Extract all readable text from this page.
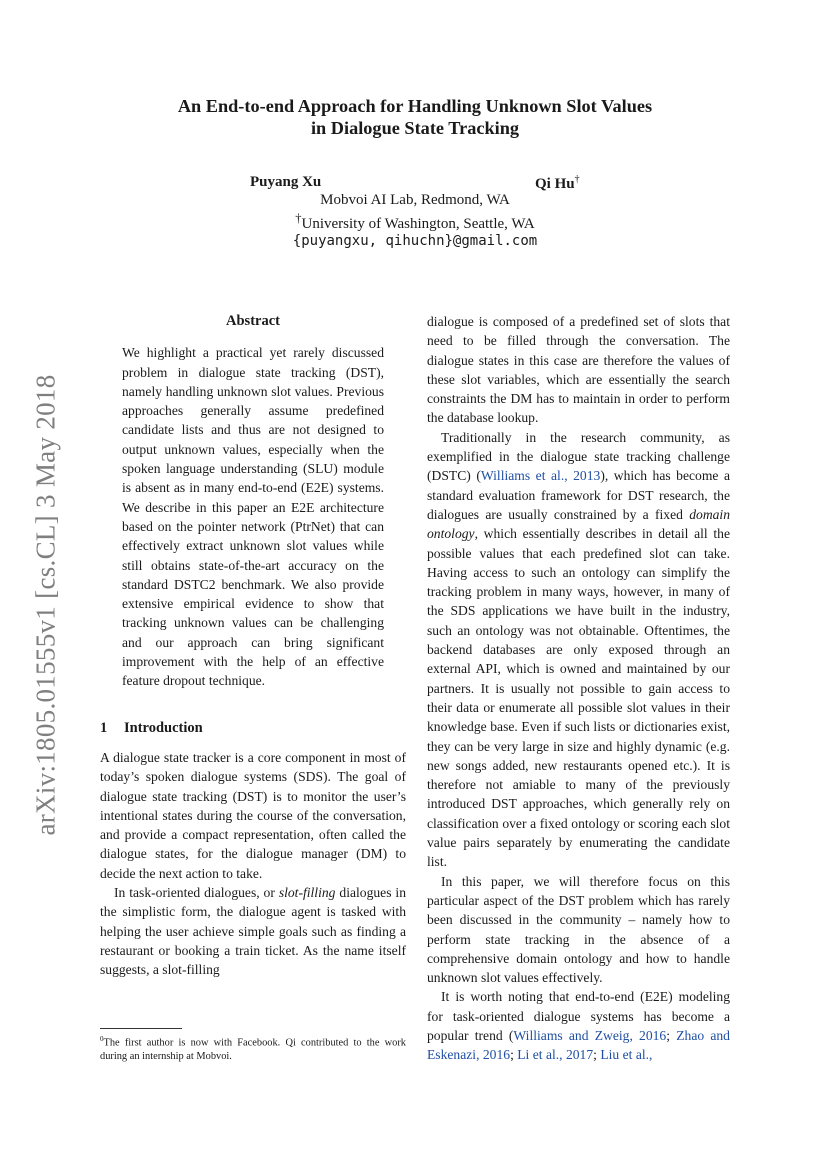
arXiv:1805.01555v1 [cs.CL] 3 May 2018
An End-to-end Approach for Handling Unknown Slot Values
in Dialogue State Tracking
Puyang Xu	Qi Hu†
Mobvoi AI Lab, Redmond, WA
†University of Washington, Seattle, WA
{puyangxu, qihuchn}@gmail.com
Abstract

We highlight a practical yet rarely discussed problem in dialogue state tracking (DST), namely handling unknown slot values. Previous approaches generally assume predefined candidate lists and thus are not designed to output unknown values, especially when the spoken language understanding (SLU) module is absent as in many end-to-end (E2E) systems. We describe in this paper an E2E architecture based on the pointer network (PtrNet) that can effectively extract unknown slot values while still obtains state-of-the-art accuracy on the standard DSTC2 benchmark. We also provide extensive empirical evidence to show that tracking unknown values can be challenging and our approach can bring significant improvement with the help of an effective feature dropout technique.

1 Introduction

A dialogue state tracker is a core component in most of today’s spoken dialogue systems (SDS). The goal of dialogue state tracking (DST) is to monitor the user’s intentional states during the course of the conversation, and provide a compact representation, often called the dialogue states, for the dialogue manager (DM) to decide the next action to take.

In task-oriented dialogues, or slot-filling dialogues in the simplistic form, the dialogue agent is tasked with helping the user achieve simple goals such as finding a restaurant or booking a train ticket. As the name itself suggests, a slot-filling

dialogue is composed of a predefined set of slots that need to be filled through the conversation. The dialogue states in this case are therefore the values of these slot variables, which are essentially the search constraints the DM has to maintain in order to perform the database lookup.

Traditionally in the research community, as exemplified in the dialogue state tracking challenge (DSTC) (Williams et al., 2013), which has become a standard evaluation framework for DST research, the dialogues are usually constrained by a fixed domain ontology, which essentially describes in detail all the possible values that each predefined slot can take. Having access to such an ontology can simplify the tracking problem in many ways, however, in many of the SDS applications we have built in the industry, such an ontology was not obtainable. Oftentimes, the backend databases are only exposed through an external API, which is owned and maintained by our partners. It is usually not possible to gain access to their data or enumerate all possible slot values in their knowledge base. Even if such lists or dictionaries exist, they can be very large in size and highly dynamic (e.g. new songs added, new restaurants opened etc.). It is therefore not amiable to many of the previously introduced DST approaches, which generally rely on classification over a fixed ontology or scoring each slot value pairs separately by enumerating the candidate list.

In this paper, we will therefore focus on this particular aspect of the DST problem which has rarely been discussed in the community – namely how to perform state tracking in the absence of a comprehensive domain ontology and how to handle unknown slot values effectively.

It is worth noting that end-to-end (E2E) modeling for task-oriented dialogue systems has become a popular trend (Williams and Zweig, 2016; Zhao and Eskenazi, 2016; Li et al., 2017; Liu et al.,

$^0$The first author is now with Facebook. Qi contributed to the work during an internship at Mobvoi.
